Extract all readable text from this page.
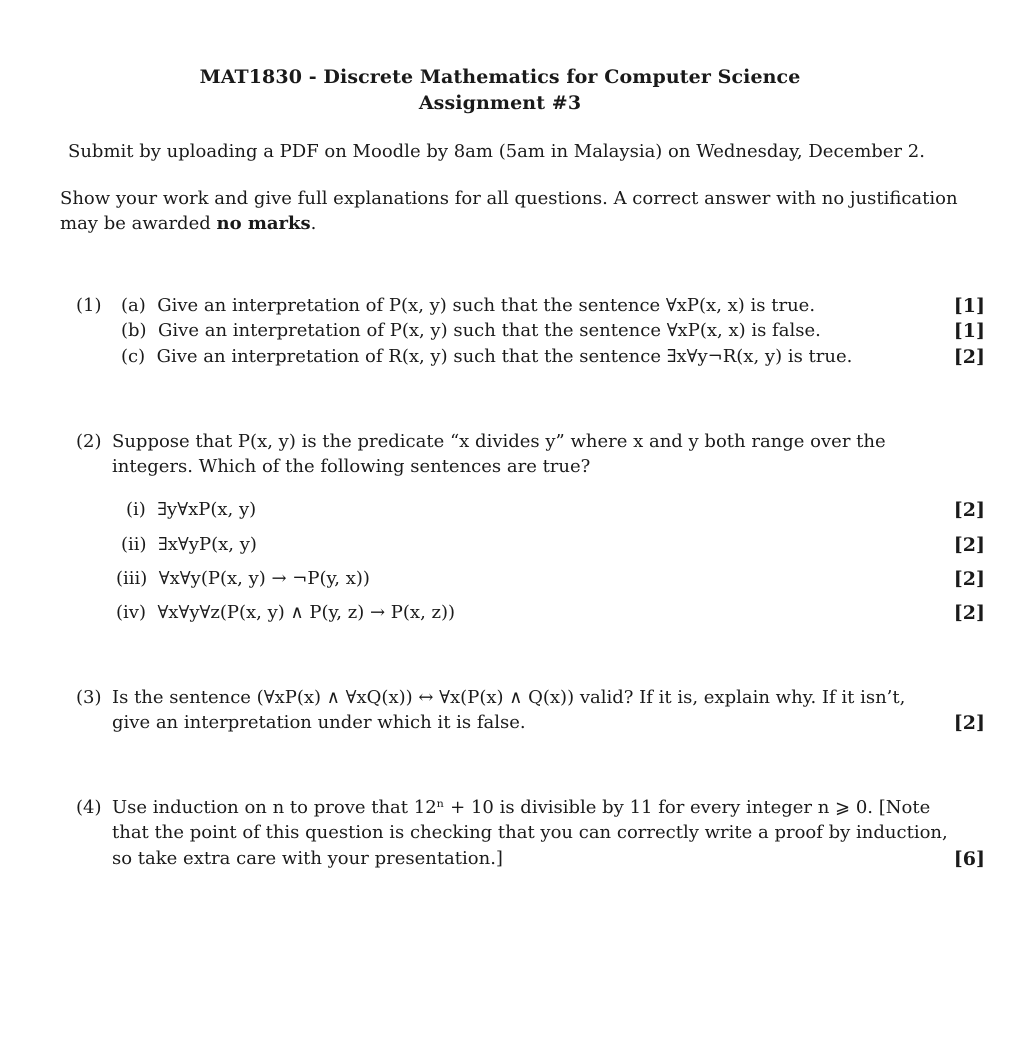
MAT1830 - Discrete Mathematics for Computer Science
Assignment #3
Submit by uploading a PDF on Moodle by 8am (5am in Malaysia) on Wednesday, December 2.
Show your work and give full explanations for all questions. A correct answer with no justification
may be awarded no marks.
(1) (a) Give an interpretation of P(x, y) such that the sentence ∀xP(x, x) is true.	[1]
(b) Give an interpretation of P(x, y) such that the sentence ∀xP(x, x) is false.	[1]
(c) Give an interpretation of R(x, y) such that the sentence ∃x∀y¬R(x, y) is true.	[2]
(2) Suppose that P(x, y) is the predicate “x divides y” where x and y both range over the
integers. Which of the following sentences are true?
(i) ∃y∀xP(x, y)	[2]
(ii) ∃x∀yP(x, y)	[2]
(iii) ∀x∀y(P(x, y) → ¬P(y, x))	[2]
(iv) ∀x∀y∀z(P(x, y) ∧ P(y, z) → P(x, z))	[2]
(3) Is the sentence (∀xP(x) ∧ ∀xQ(x)) ↔ ∀x(P(x) ∧ Q(x)) valid? If it is, explain why. If it isn’t,
give an interpretation under which it is false.	[2]
(4) Use induction on n to prove that 12ⁿ + 10 is divisible by 11 for every integer n ⩾ 0. [Note
that the point of this question is checking that you can correctly write a proof by induction,
so take extra care with your presentation.]	[6]
